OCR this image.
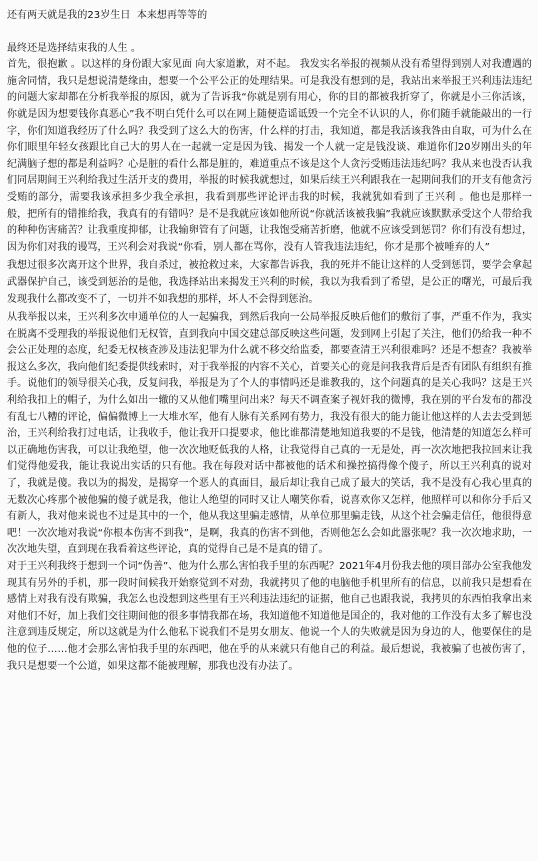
还有两天就是我的23岁生日  本来想再等等的
最终还是选择结束我的人生 。

首先，很抱歉 。以这样的身份跟大家见面 向大家道歉，对不起。 我发实名举报的视频从没有希望得到别人对我遭遇的施舍同情，我只是想说清楚缘由，想要一个公平公正的处理结果。可是我没有想到的是，我站出来举报王兴利违法违纪的问题大家却都在分析我举报的原因，就为了告诉我“你就是别有用心，你的目的都被我折穿了，你就是小三你活该，你就是因为想要钱你真恶心”我不明白凭什么可以在网上随便造谣诋毁一个完全不认识的人，你们随手就能敲出的一行字，你们知道我经历了什么吗？我受到了这么大的伤害，什么样的打击，我知道，都是我活该我咎由自取，可为什么在你们眼里年轻女孩跟比自己大的男人在一起就一定是因为钱、揭发一个人就一定是钱没谈、难道你们20岁刚出头的年纪满脑子想的都是利益吗？心是脏的看什么都是脏的，难道重点不该是这个人贪污受贿违法违纪吗？我从来也没否认我们同居期间王兴利给我过生活开支的费用，举报的时候我就想过，如果后续王兴利跟我在一起期间我们的开支有他贪污受贿的部分，需要我该承担多少我全承担，我看到那些评论评击我的时候，我就犹如看到了王兴利 。他也是那样一般，把所有的错推给我，我真有的有错吗？是不是我就应该如他所说“你就活该被我骗”我就应该默默承受这个人带给我的种种伤害痛苦？让我重度抑郁，让我输卵管有了问题，让我饱受痛苦折磨，他就不应该受到惩罚？你们有没有想过，因为你们对我的谩骂，王兴利会对我说“你看，别人都在骂你，没有人管我违法违纪，你才是那个被唾弃的人”

我想过很多次离开这个世界，我自杀过，被抢救过来，大家都告诉我，我的死并不能让这样的人受到惩罚，要学会拿起武器保护自己，该受到惩治的是他，我选择站出来揭发王兴利的时候，我以为我看到了希望，是公正的曙光，可最后我发现我什么都改变不了，一切并不如我想的那样，坏人不会得到惩治。

从我举报以来，王兴利多次申通单位的人一起骗我，到然后我向一公局举报反映后他们的敷衍了事，严重不作为，我实在脱离不受理我的举报说他们无权管，直到我向中国交建总部反映这些问题，发到网上引起了关注，他们仍给我一种不会公正处理的态度，纪委无权核查涉及违法犯罪为什么就不移交给监委，都要查清王兴利很难吗？还是不想查？我被举报这么多次，我向他们纪委提供线索时，对于我举报的内容不关心，首要关心的竟是问我我背后是否有团队有组织有推手。说他们的领导很关心我，反复问我，举报是为了个人的事情吗还是谁教我的，这个问题真的是关心我吗？这是王兴利给我扣上的帽子，为什么如出一辙的又从他们嘴里问出来？每天不调查案子视奸我的微博，我在别的平台发布的都没有乱七八糟的评论，偏偏微博上一大堆水军，他有人脉有关系网有势力，我没有很大的能力能让他这样的人去去受到惩治，王兴利给我打过电话，让我收手，他让我开口提要求，他比谁都清楚地知道我要的不是钱，他清楚的知道怎么样可以正确地伤害我，可以让我绝望，他一次次地贬低我的人格，让我觉得自己真的一无是处，再一次次地把我拉回来让我们觉得他爱我，能让我说出实话的只有他。我在每段对话中都被他的话术和操控搞得像个傻子，所以王兴利真的说对了，我就是傻。我以为的揭发，是揭穿一个恶人的真面目，最后却让我自己成了最大的笑话，我不是没有心我心里真的无数次心疼那个被他骗的傻子就是我，他让人绝望的同时又让人嘲笑你看，说喜欢你又怎样，他照样可以和你分手后又有新人，我对他来说也不过是其中的一个，他从我这里骗走感情，从单位那里骗走钱，从这个社会骗走信任，他很得意吧！一次次地对我说“你根本伤害不到我”，是啊，我真的伤害不到他，否则他怎么会如此嚣张呢？我一次次地求助，一次次地失望，直到现在我看着这些评论，真的觉得自己是不是真的错了。

对于王兴利我终于想到一个词“伪善”、他为什么那么害怕我手里的东西呢？2021年4月份我去他的项目部办公室我他发现其有另外的手机，那一段时间候我开始察觉到不对劲，我就拷贝了他的电脑他手机里所有的信息，以前我只是想看在感情上对我有没有欺骗，我怎么也没想到这些里有王兴利违法违纪的证据，他自己也跟我说，我拷贝的东西怕我拿出来对他们不好，加上我们交往期间他的很多事情我都在场，我知道他不知道他是国企的，我对他的工作没有太多了解也没注意到违反规定，所以这就是为什么他私下说我们不是男女朋友、他说一个人的失败就是因为身边的人，他要保住的是他的位子……他才会那么害怕我手里的东西吧，他在乎的从来就只有他自己的利益。最后想说，我被骗了也被伤害了，我只是想要一个公道，如果这都不能被理解，那我也没有办法了。
